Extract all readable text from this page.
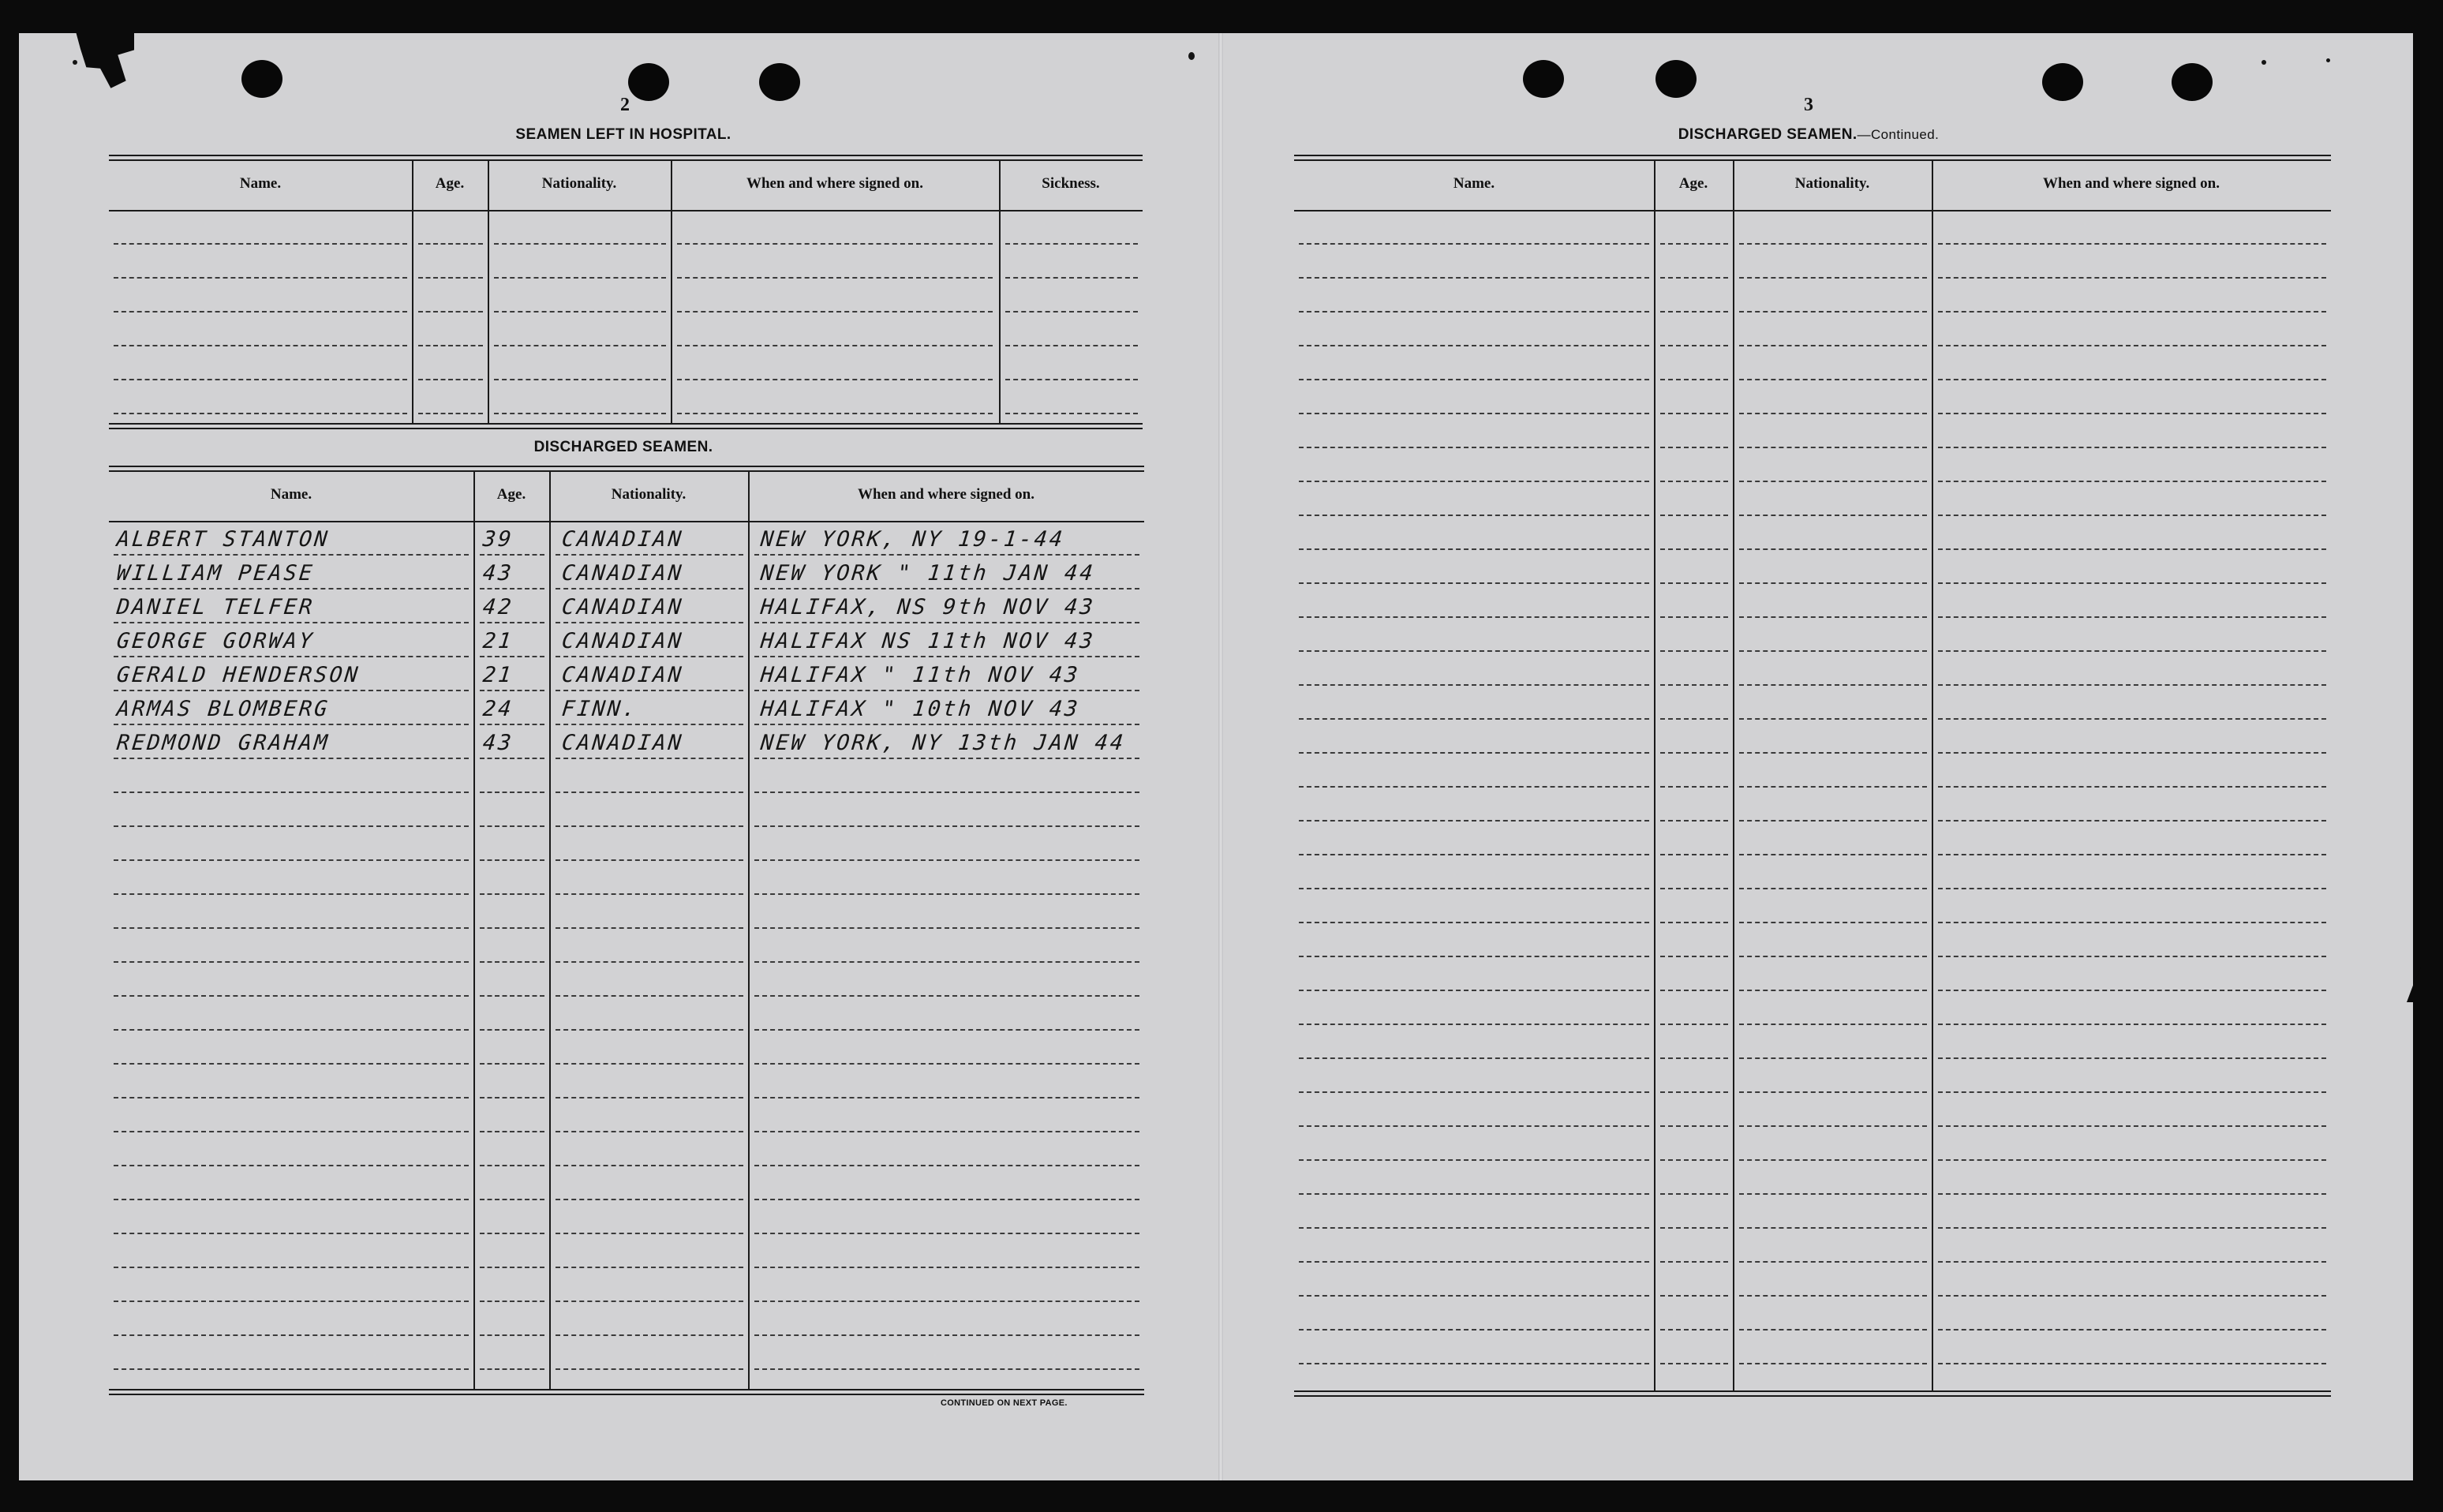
2
SEAMEN LEFT IN HOSPITAL.
Name.	Age.	Nationality.	When and where signed on.	Sickness.
DISCHARGED SEAMEN.
Name.	Age.	Nationality.	When and where signed on.
ALBERT STANTON	39 CANADIAN	NEW YORK, NY 19-1-44
WILLIAM PEASE	43 CANADIAN	NEW YORK " 11th JAN 44
DANIEL TELFER	42 CANADIAN	HALIFAX, NS 9th NOV 43
GEORGE GORWAY	21 CANADIAN	HALIFAX NS 11th NOV 43
GERALD HENDERSON	21 CANADIAN	HALIFAX " 11th NOV 43
ARMAS BLOMBERG	24 FINN.	HALIFAX " 10th NOV 43
REDMOND GRAHAM	43 CANADIAN	NEW YORK, NY 13th JAN 44
CONTINUED ON NEXT PAGE.
3
DISCHARGED SEAMEN.—Continued.
Name.	Age.	Nationality.	When and where signed on.
